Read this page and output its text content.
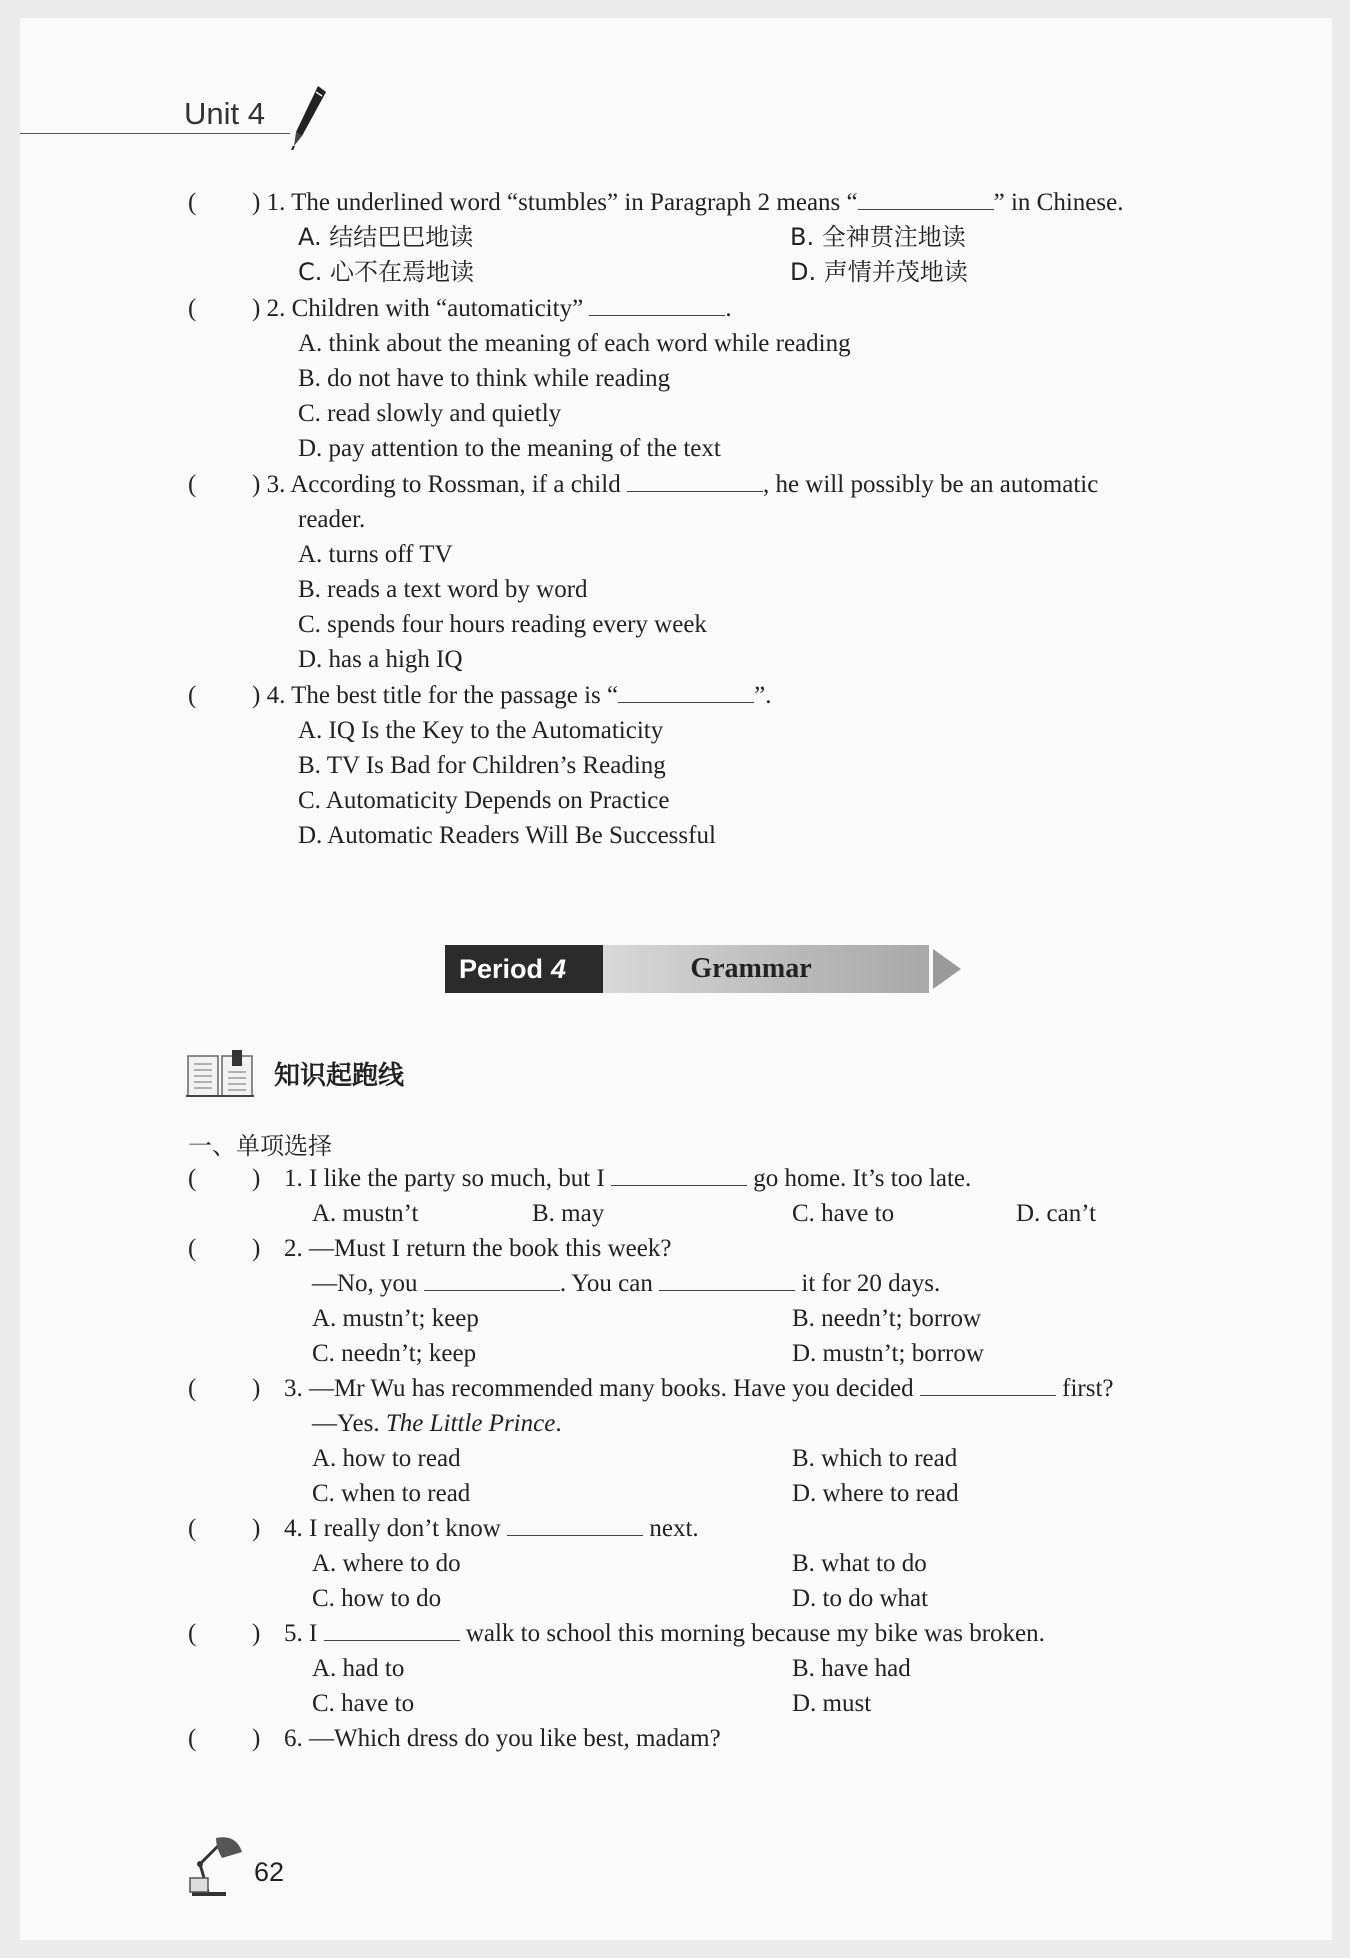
Unit 4
( ) 1. The underlined word “stumbles” in Paragraph 2 means “	” in Chinese.
A. 结结巴巴地读	B. 全神贯注地读
C. 心不在焉地读	D. 声情并茂地读
( ) 2. Children with “automaticity”	.
A. think about the meaning of each word while reading
B. do not have to think while reading
C. read slowly and quietly
D. pay attention to the meaning of the text
( ) 3. According to Rossman, if a child	, he will possibly be an automatic
reader.
A. turns off TV
B. reads a text word by word
C. spends four hours reading every week
D. has a high IQ
( ) 4. The best title for the passage is “	”.
A. IQ Is the Key to the Automaticity
B. TV Is Bad for Children’s Reading
C. Automaticity Depends on Practice
D. Automatic Readers Will Be Successful
Period 4	Grammar
知识起跑线
一、单项选择
( ) 1. I like the party so much, but I	go home. It’s too late.
A. mustn’t	B. may	C. have to	D. can’t
( ) 2. —Must I return the book this week?
—No, you	. You can	it for 20 days.
A. mustn’t; keep	B. needn’t; borrow
C. needn’t; keep	D. mustn’t; borrow
( ) 3. —Mr Wu has recommended many books. Have you decided	first?
—Yes. The Little Prince.
A. how to read	B. which to read
C. when to read	D. where to read
( ) 4. I really don’t know	next.
A. where to do	B. what to do
C. how to do	D. to do what
( ) 5. I	walk to school this morning because my bike was broken.
A. had to	B. have had
C. have to	D. must
( ) 6. —Which dress do you like best, madam?
62
